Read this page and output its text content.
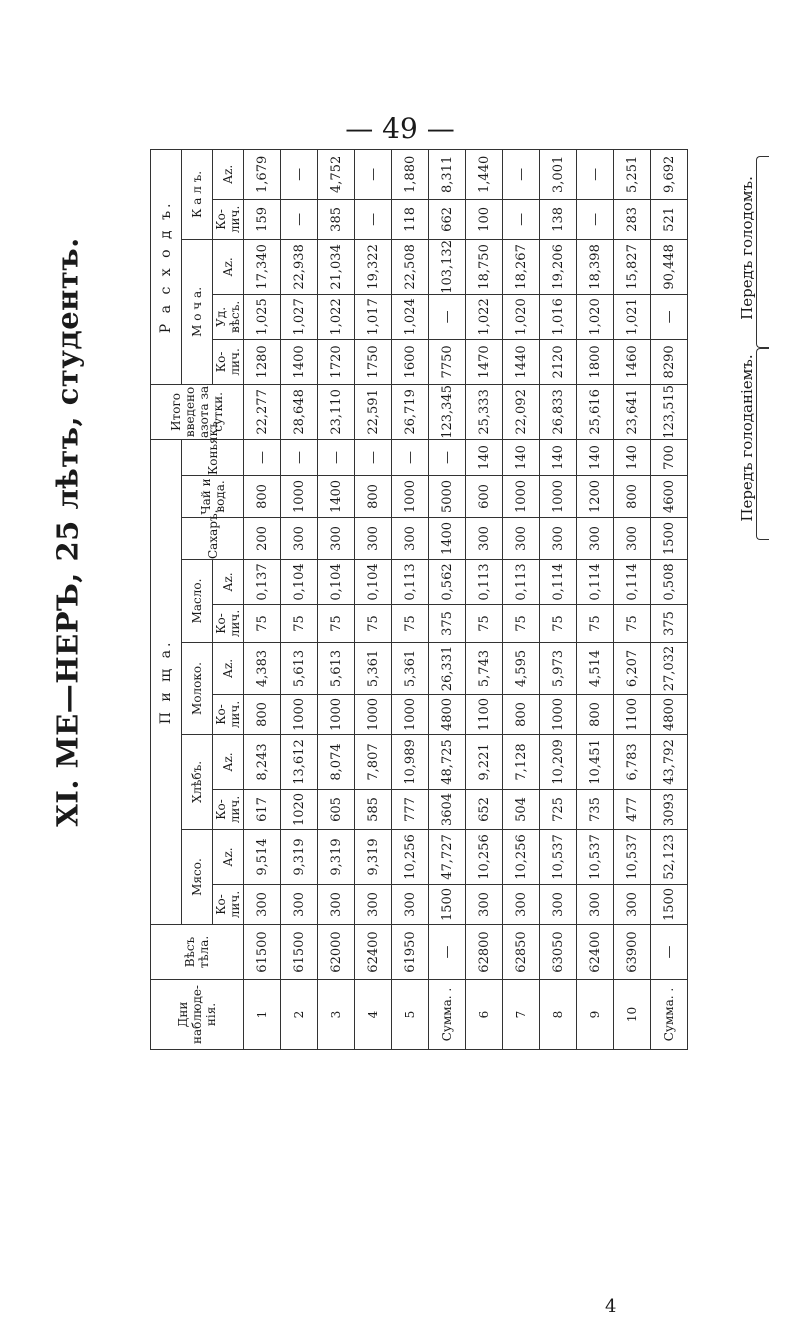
— 49 —
XI. МЕ—НЕРЪ, 25 лѣтъ, студентъ.	Передъ голоданіемъ.
Передъ голодомъ.
Дни наблюде-нія.	Вѣсъ тѣла.	П и щ а.											Итого введено азота за сутки.	Р а с х о д ъ.				
		Мясо.		Хлѣбъ.		Молоко.		Масло.		Сахаръ.	Чай и вода.	Коньякъ.		М о ч а.			К а л ъ.	
		Ко-лич.	Аz.	Ко-лич.	Аz.	Ко-лич.	Аz.	Ко-лич.	Аz.					Ко-лич.	Уд. вѣсъ.	Аz.	Ко-лич.	Аz.
1	61500	300	9,514	617	8,243	800	4,383	75	0,137	200	800	—	22,277	1280	1,025	17,340	159	1,679
2	61500	300	9,319	1020	13,612	1000	5,613	75	0,104	300	1000	—	28,648	1400	1,027	22,938	—	—
3	62000	300	9,319	605	8,074	1000	5,613	75	0,104	300	1400	—	23,110	1720	1,022	21,034	385	4,752
4	62400	300	9,319	585	7,807	1000	5,361	75	0,104	300	800	—	22,591	1750	1,017	19,322	—	—
5	61950	300	10,256	777	10,989	1000	5,361	75	0,113	300	1000	—	26,719	1600	1,024	22,508	118	1,880
Сумма. .	—	1500	47,727	3604	48,725	4800	26,331	375	0,562	1400	5000	—	123,345	7750	—	103,132	662	8,311
6	62800	300	10,256	652	9,221	1100	5,743	75	0,113	300	600	140	25,333	1470	1,022	18,750	100	1,440
7	62850	300	10,256	504	7,128	800	4,595	75	0,113	300	1000	140	22,092	1440	1,020	18,267	—	—
8	63050	300	10,537	725	10,209	1000	5,973	75	0,114	300	1000	140	26,833	2120	1,016	19,206	138	3,001
9	62400	300	10,537	735	10,451	800	4,514	75	0,114	300	1200	140	25,616	1800	1,020	18,398	—	—
10	63900	300	10,537	477	6,783	1100	6,207	75	0,114	300	800	140	23,641	1460	1,021	15,827	283	5,251
Сумма. .	—	1500	52,123	3093	43,792	4800	27,032	375	0,508	1500	4600	700	123,515	8290	—	90,448	521	9,692
4
